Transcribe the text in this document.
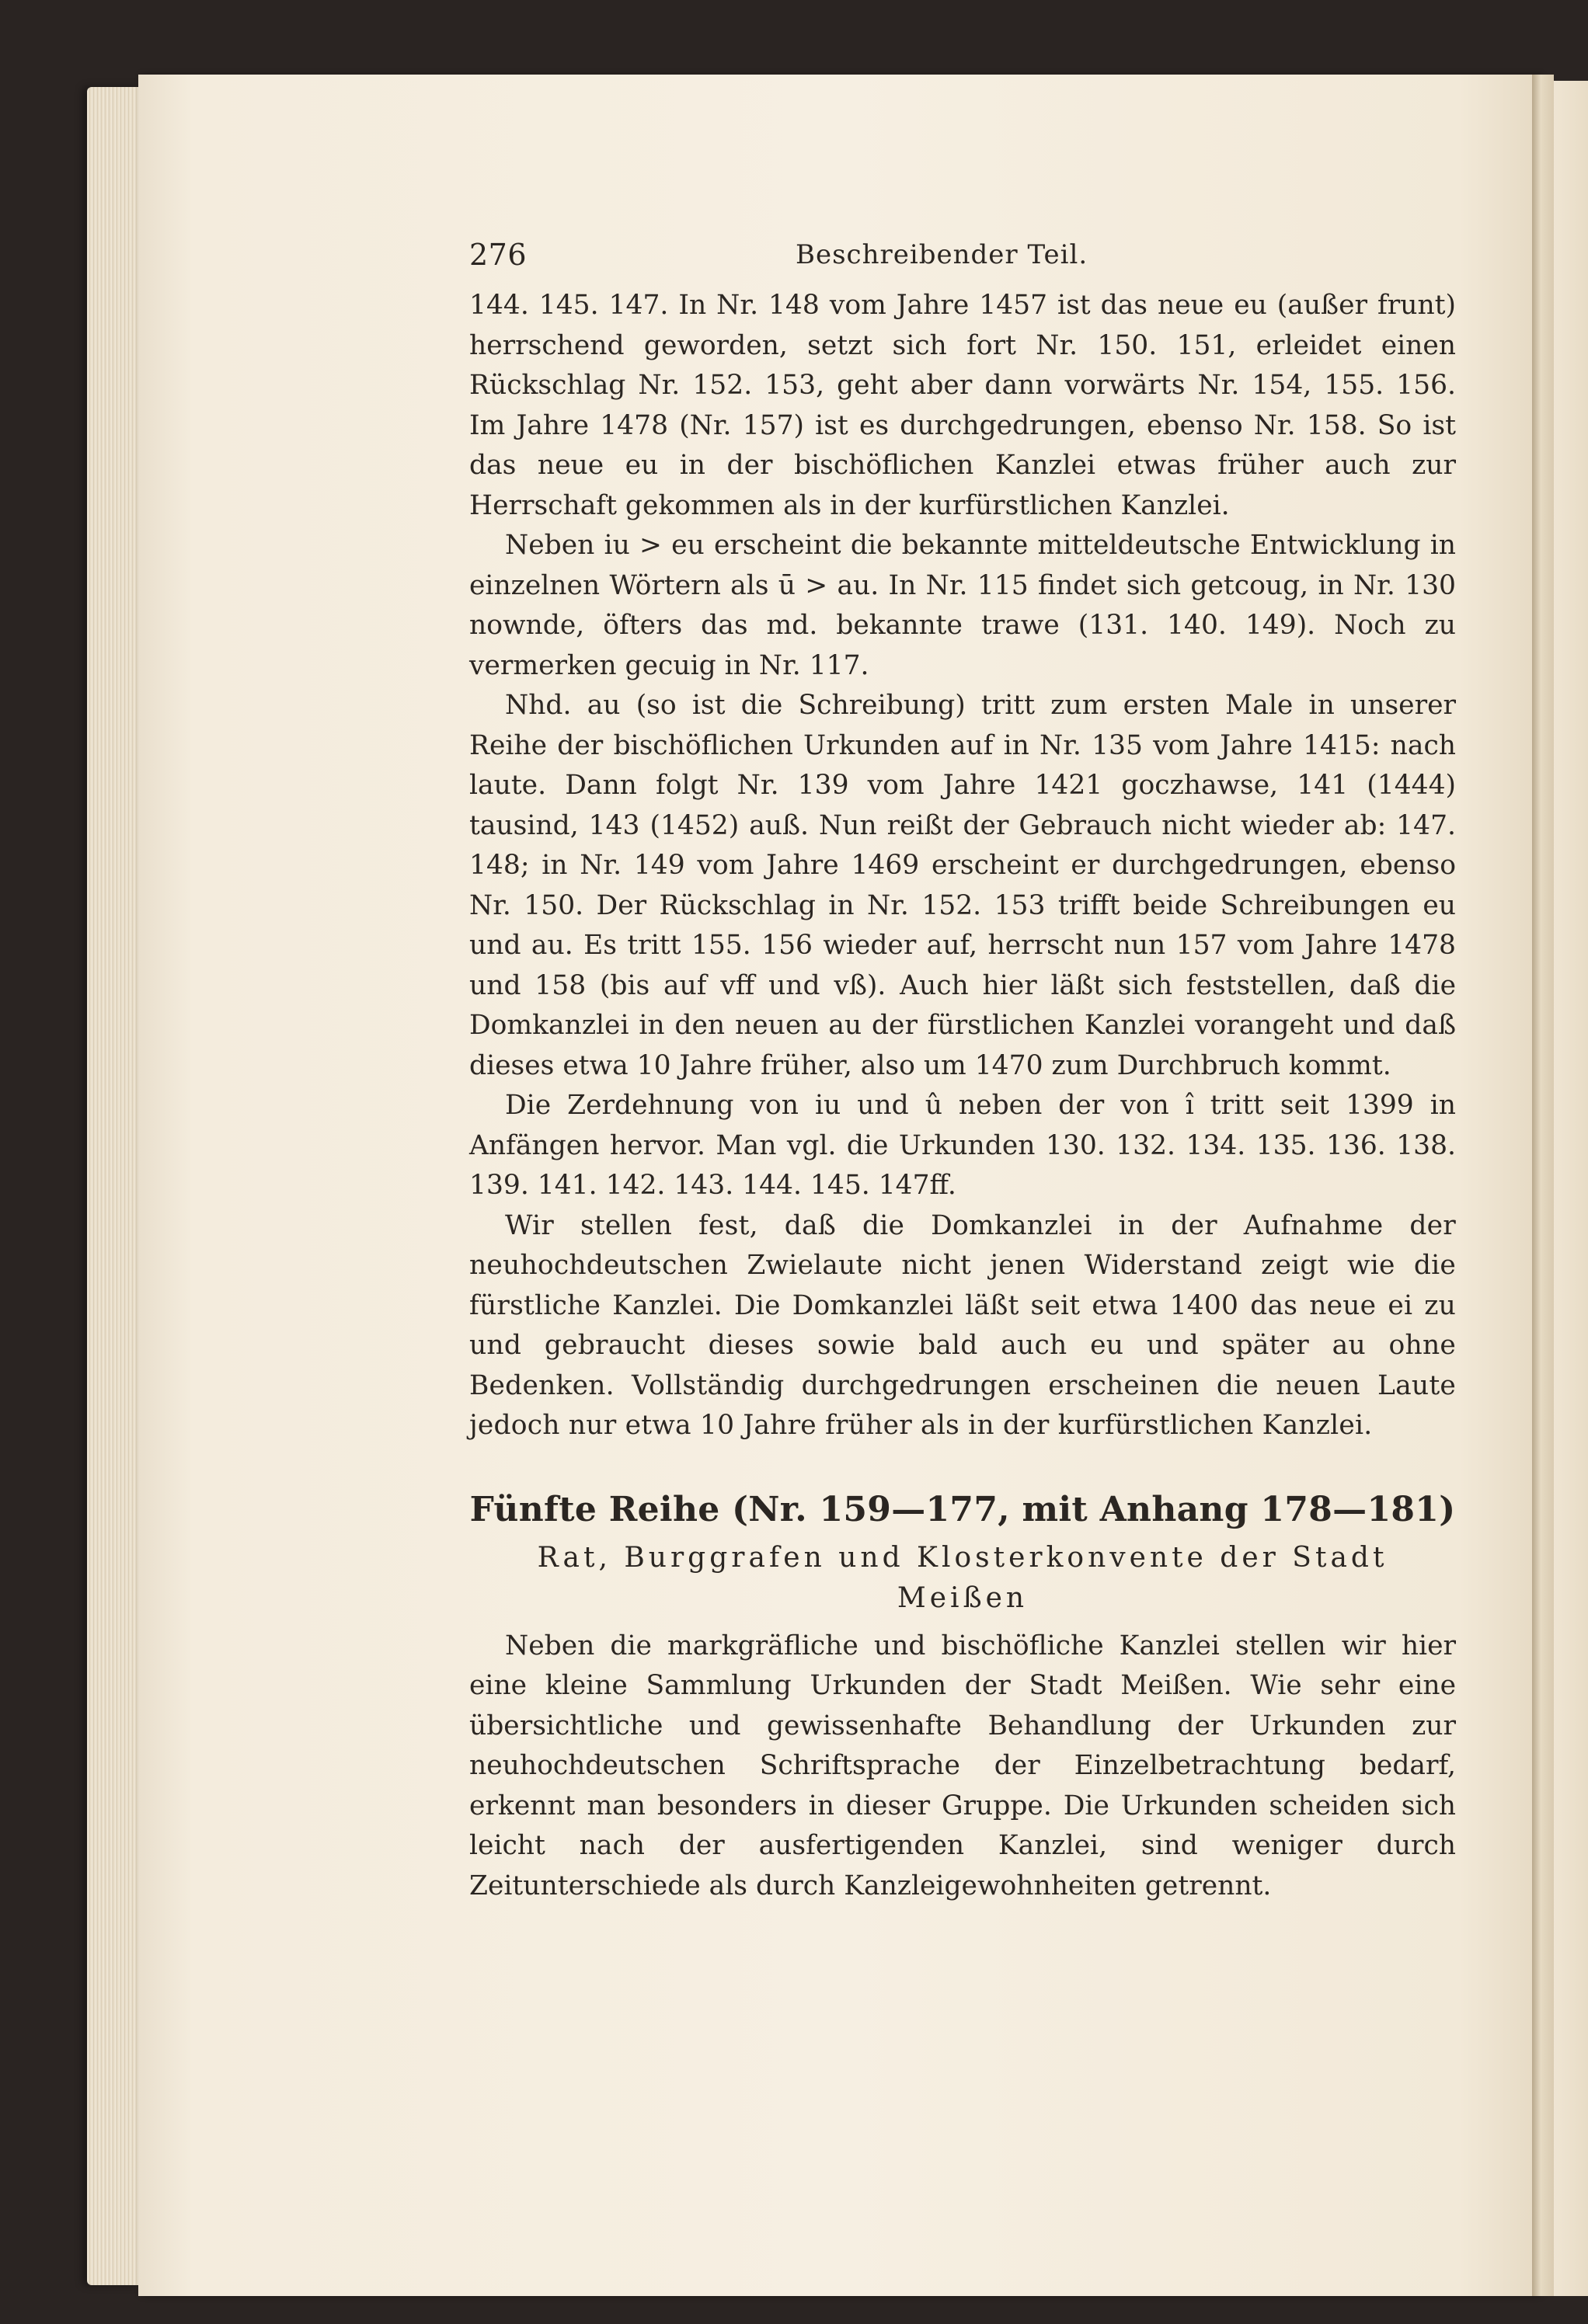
276	Beschreibender Teil.

144. 145. 147. In Nr. 148 vom Jahre 1457 ist das neue eu (außer frunt) herrschend geworden, setzt sich fort Nr. 150. 151, erleidet einen Rückschlag Nr. 152. 153, geht aber dann vorwärts Nr. 154, 155. 156. Im Jahre 1478 (Nr. 157) ist es durchgedrungen, ebenso Nr. 158. So ist das neue eu in der bischöflichen Kanzlei etwas früher auch zur Herrschaft gekommen als in der kurfürstlichen Kanzlei.

Neben iu > eu erscheint die bekannte mitteldeutsche Entwicklung in einzelnen Wörtern als ū > au. In Nr. 115 findet sich getcoug, in Nr. 130 nownde, öfters das md. bekannte trawe (131. 140. 149). Noch zu vermerken gecuig in Nr. 117.

Nhd. au (so ist die Schreibung) tritt zum ersten Male in unserer Reihe der bischöflichen Urkunden auf in Nr. 135 vom Jahre 1415: nach laute. Dann folgt Nr. 139 vom Jahre 1421 goczhawse, 141 (1444) tausind, 143 (1452) auß. Nun reißt der Gebrauch nicht wieder ab: 147. 148; in Nr. 149 vom Jahre 1469 erscheint er durchgedrungen, ebenso Nr. 150. Der Rückschlag in Nr. 152. 153 trifft beide Schreibungen eu und au. Es tritt 155. 156 wieder auf, herrscht nun 157 vom Jahre 1478 und 158 (bis auf vff und vß). Auch hier läßt sich feststellen, daß die Domkanzlei in den neuen au der fürstlichen Kanzlei vorangeht und daß dieses etwa 10 Jahre früher, also um 1470 zum Durchbruch kommt.

Die Zerdehnung von iu und û neben der von î tritt seit 1399 in Anfängen hervor. Man vgl. die Urkunden 130. 132. 134. 135. 136. 138. 139. 141. 142. 143. 144. 145. 147ff.

Wir stellen fest, daß die Domkanzlei in der Aufnahme der neuhochdeutschen Zwielaute nicht jenen Widerstand zeigt wie die fürstliche Kanzlei. Die Domkanzlei läßt seit etwa 1400 das neue ei zu und gebraucht dieses sowie bald auch eu und später au ohne Bedenken. Vollständig durchgedrungen erscheinen die neuen Laute jedoch nur etwa 10 Jahre früher als in der kurfürstlichen Kanzlei.

Fünfte Reihe (Nr. 159—177, mit Anhang 178—181)
Rat, Burggrafen und Klosterkonvente der Stadt Meißen

Neben die markgräfliche und bischöfliche Kanzlei stellen wir hier eine kleine Sammlung Urkunden der Stadt Meißen. Wie sehr eine übersichtliche und gewissenhafte Behandlung der Urkunden zur neuhochdeutschen Schriftsprache der Einzelbetrachtung bedarf, erkennt man besonders in dieser Gruppe. Die Urkunden scheiden sich leicht nach der ausfertigenden Kanzlei, sind weniger durch Zeitunterschiede als durch Kanzleigewohnheiten getrennt.
